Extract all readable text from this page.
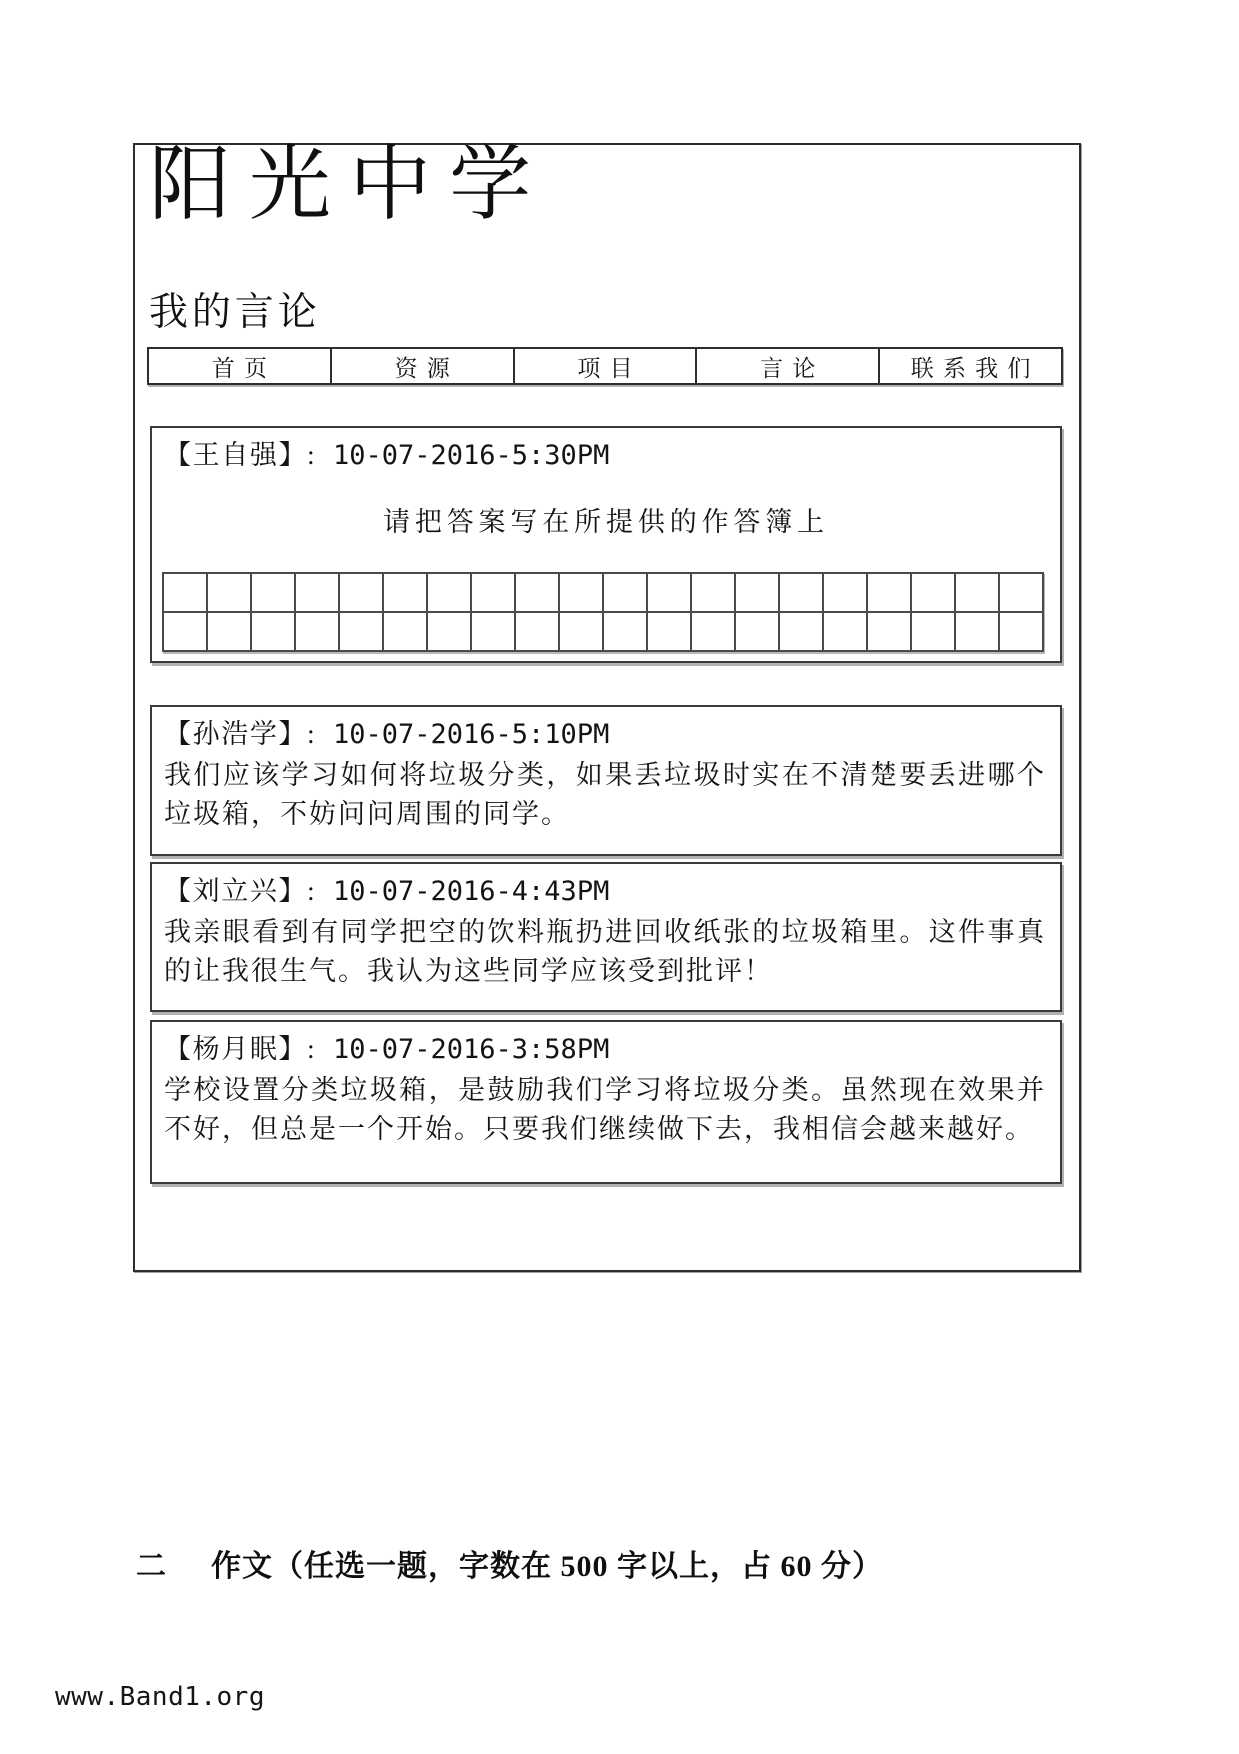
阳光中学
我的言论
首页	资源	项目	言论	联系我们
【王自强】: 10-07-2016-5:30PM
请把答案写在所提供的作答簿上

【孙浩学】: 10-07-2016-5:10PM
我们应该学习如何将垃圾分类，如果丢垃圾时实在不清楚要丢进哪个垃圾箱，不妨问问周围的同学。
【刘立兴】: 10-07-2016-4:43PM
我亲眼看到有同学把空的饮料瓶扔进回收纸张的垃圾箱里。这件事真的让我很生气。我认为这些同学应该受到批评！
【杨月眠】: 10-07-2016-3:58PM
学校设置分类垃圾箱，是鼓励我们学习将垃圾分类。虽然现在效果并不好，但总是一个开始。只要我们继续做下去，我相信会越来越好。
二 作文（任选一题，字数在 500 字以上，占 60 分）
www.Band1.org
